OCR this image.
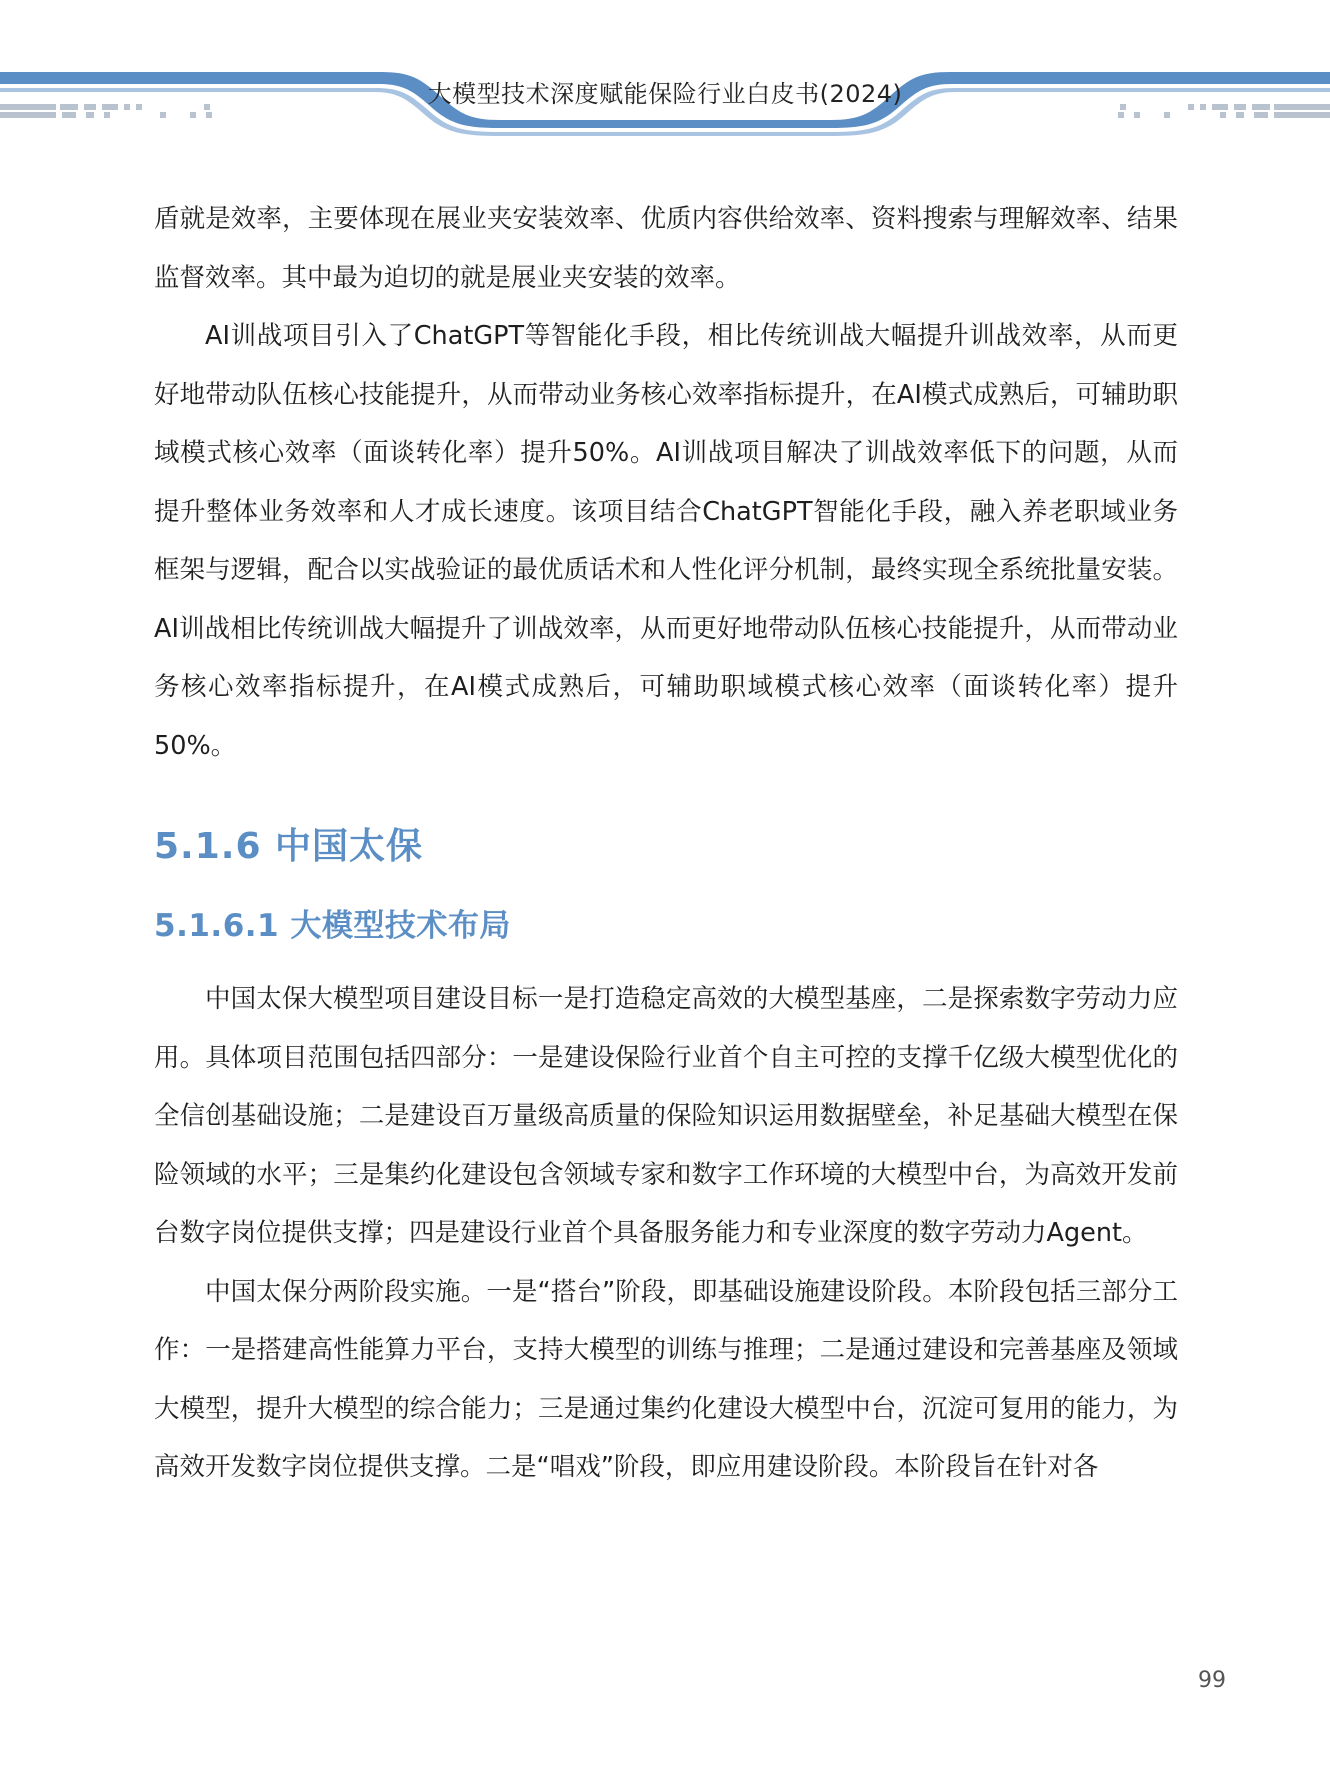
大模型技术深度赋能保险行业白皮书(2024)

盾就是效率，主要体现在展业夹安装效率、优质内容供给效率、资料搜索与理解效率、结果监督效率。其中最为迫切的就是展业夹安装的效率。

AI训战项目引入了ChatGPT等智能化手段，相比传统训战大幅提升训战效率，从而更好地带动队伍核心技能提升，从而带动业务核心效率指标提升，在AI模式成熟后，可辅助职域模式核心效率（面谈转化率）提升50%。AI训战项目解决了训战效率低下的问题，从而提升整体业务效率和人才成长速度。该项目结合ChatGPT智能化手段，融入养老职域业务框架与逻辑，配合以实战验证的最优质话术和人性化评分机制，最终实现全系统批量安装。AI训战相比传统训战大幅提升了训战效率，从而更好地带动队伍核心技能提升，从而带动业务核心效率指标提升，在AI模式成熟后，可辅助职域模式核心效率（面谈转化率）提升50%。

5.1.6 中国太保
5.1.6.1 大模型技术布局

中国太保大模型项目建设目标一是打造稳定高效的大模型基座，二是探索数字劳动力应用。具体项目范围包括四部分：一是建设保险行业首个自主可控的支撑千亿级大模型优化的全信创基础设施；二是建设百万量级高质量的保险知识运用数据壁垒，补足基础大模型在保险领域的水平；三是集约化建设包含领域专家和数字工作环境的大模型中台，为高效开发前台数字岗位提供支撑；四是建设行业首个具备服务能力和专业深度的数字劳动力Agent。

中国太保分两阶段实施。一是“搭台”阶段，即基础设施建设阶段。本阶段包括三部分工作：一是搭建高性能算力平台，支持大模型的训练与推理；二是通过建设和完善基座及领域大模型，提升大模型的综合能力；三是通过集约化建设大模型中台，沉淀可复用的能力，为高效开发数字岗位提供支撑。二是“唱戏”阶段，即应用建设阶段。本阶段旨在针对各

99
